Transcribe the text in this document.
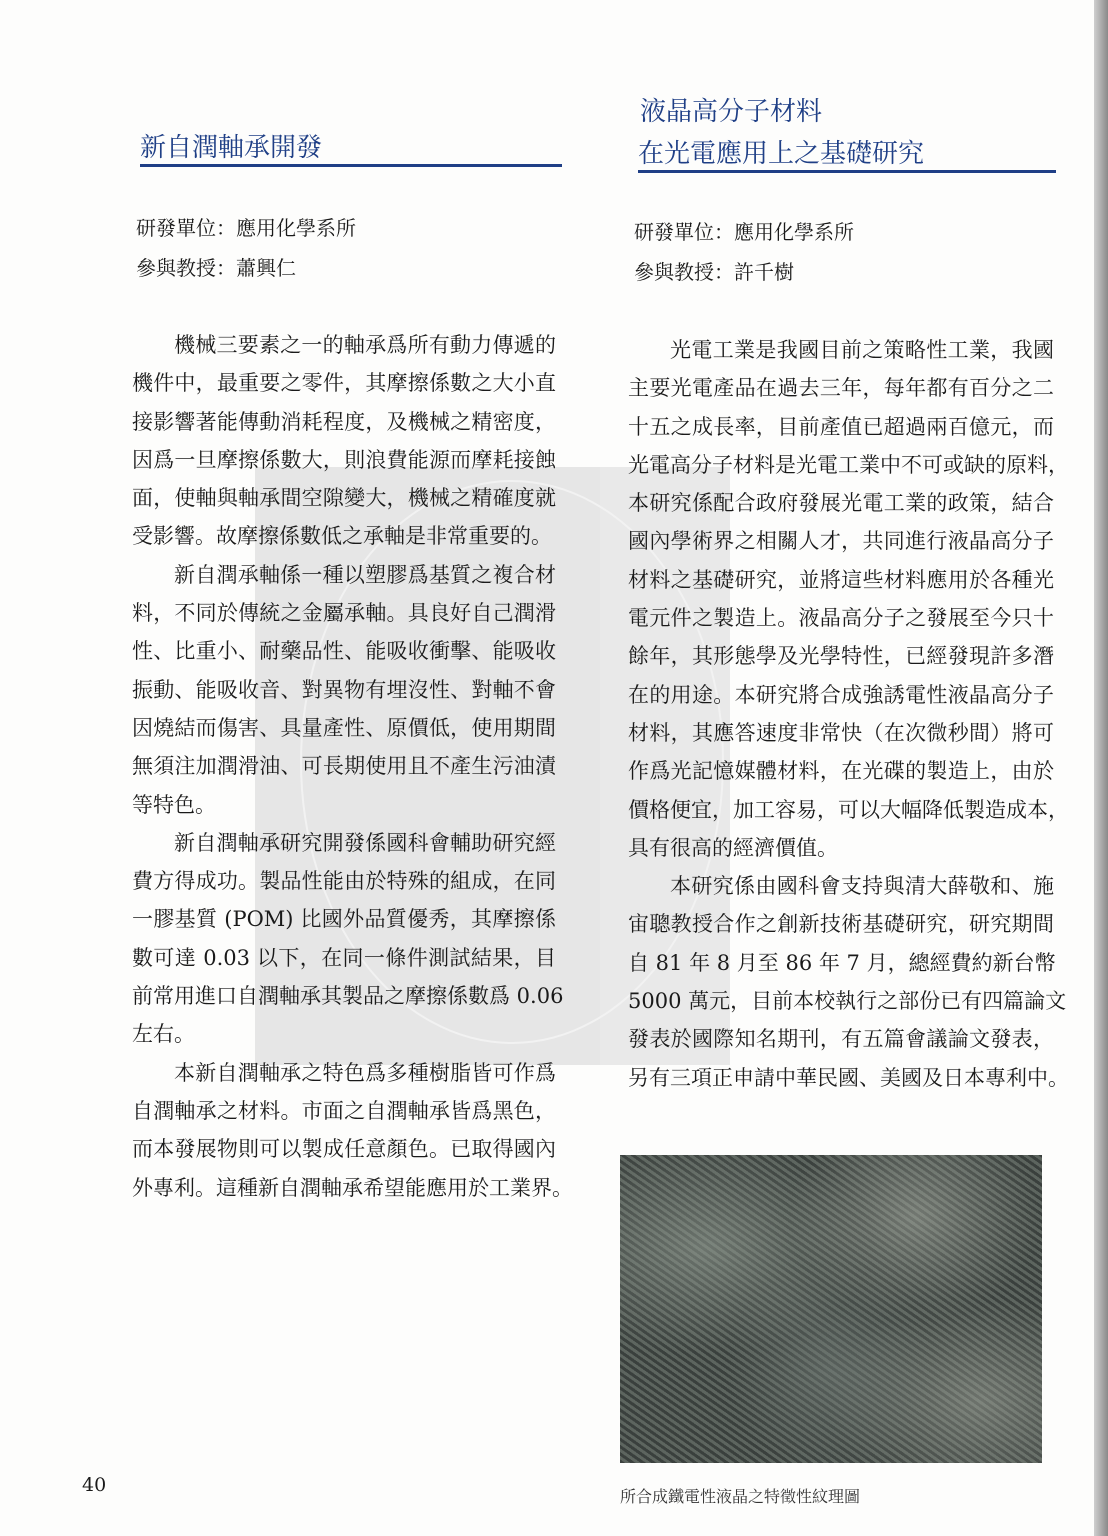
新自潤軸承開發
研發單位：應用化學系所
參與教授：蕭興仁
機械三要素之一的軸承爲所有動力傳遞的
機件中，最重要之零件，其摩擦係數之大小直
接影響著能傳動消耗程度，及機械之精密度，
因爲一旦摩擦係數大，則浪費能源而摩耗接蝕
面，使軸與軸承間空隙變大，機械之精確度就
受影響。故摩擦係數低之承軸是非常重要的。
新自潤承軸係一種以塑膠爲基質之複合材
料，不同於傳統之金屬承軸。具良好自己潤滑
性、比重小、耐藥品性、能吸收衝擊、能吸收
振動、能吸收音、對異物有埋沒性、對軸不會
因燒結而傷害、具量產性、原價低，使用期間
無須注加潤滑油、可長期使用且不產生污油漬
等特色。
新自潤軸承研究開發係國科會輔助研究經
費方得成功。製品性能由於特殊的組成，在同
一膠基質 (POM) 比國外品質優秀，其摩擦係
數可達 0.03 以下，在同一條件測試結果，目
前常用進口自潤軸承其製品之摩擦係數爲 0.06
左右。
本新自潤軸承之特色爲多種樹脂皆可作爲
自潤軸承之材料。市面之自潤軸承皆爲黑色，
而本發展物則可以製成任意顏色。已取得國內
外專利。這種新自潤軸承希望能應用於工業界。
液晶高分子材料
在光電應用上之基礎研究
研發單位：應用化學系所
參與教授：許千樹
光電工業是我國目前之策略性工業，我國
主要光電產品在過去三年，每年都有百分之二
十五之成長率，目前產值已超過兩百億元，而
光電高分子材料是光電工業中不可或缺的原料，
本研究係配合政府發展光電工業的政策，結合
國內學術界之相關人才，共同進行液晶高分子
材料之基礎研究，並將這些材料應用於各種光
電元件之製造上。液晶高分子之發展至今只十
餘年，其形態學及光學特性，已經發現許多潛
在的用途。本研究將合成強誘電性液晶高分子
材料，其應答速度非常快（在次微秒間）將可
作爲光記憶媒體材料，在光碟的製造上，由於
價格便宜，加工容易，可以大幅降低製造成本，
具有很高的經濟價值。
本研究係由國科會支持與清大薛敬和、施
宙聰教授合作之創新技術基礎研究，研究期間
自 81 年 8 月至 86 年 7 月，總經費約新台幣
5000 萬元，目前本校執行之部份已有四篇論文
發表於國際知名期刊，有五篇會議論文發表，
另有三項正申請中華民國、美國及日本專利中。
所合成鐵電性液晶之特徵性紋理圖
40
